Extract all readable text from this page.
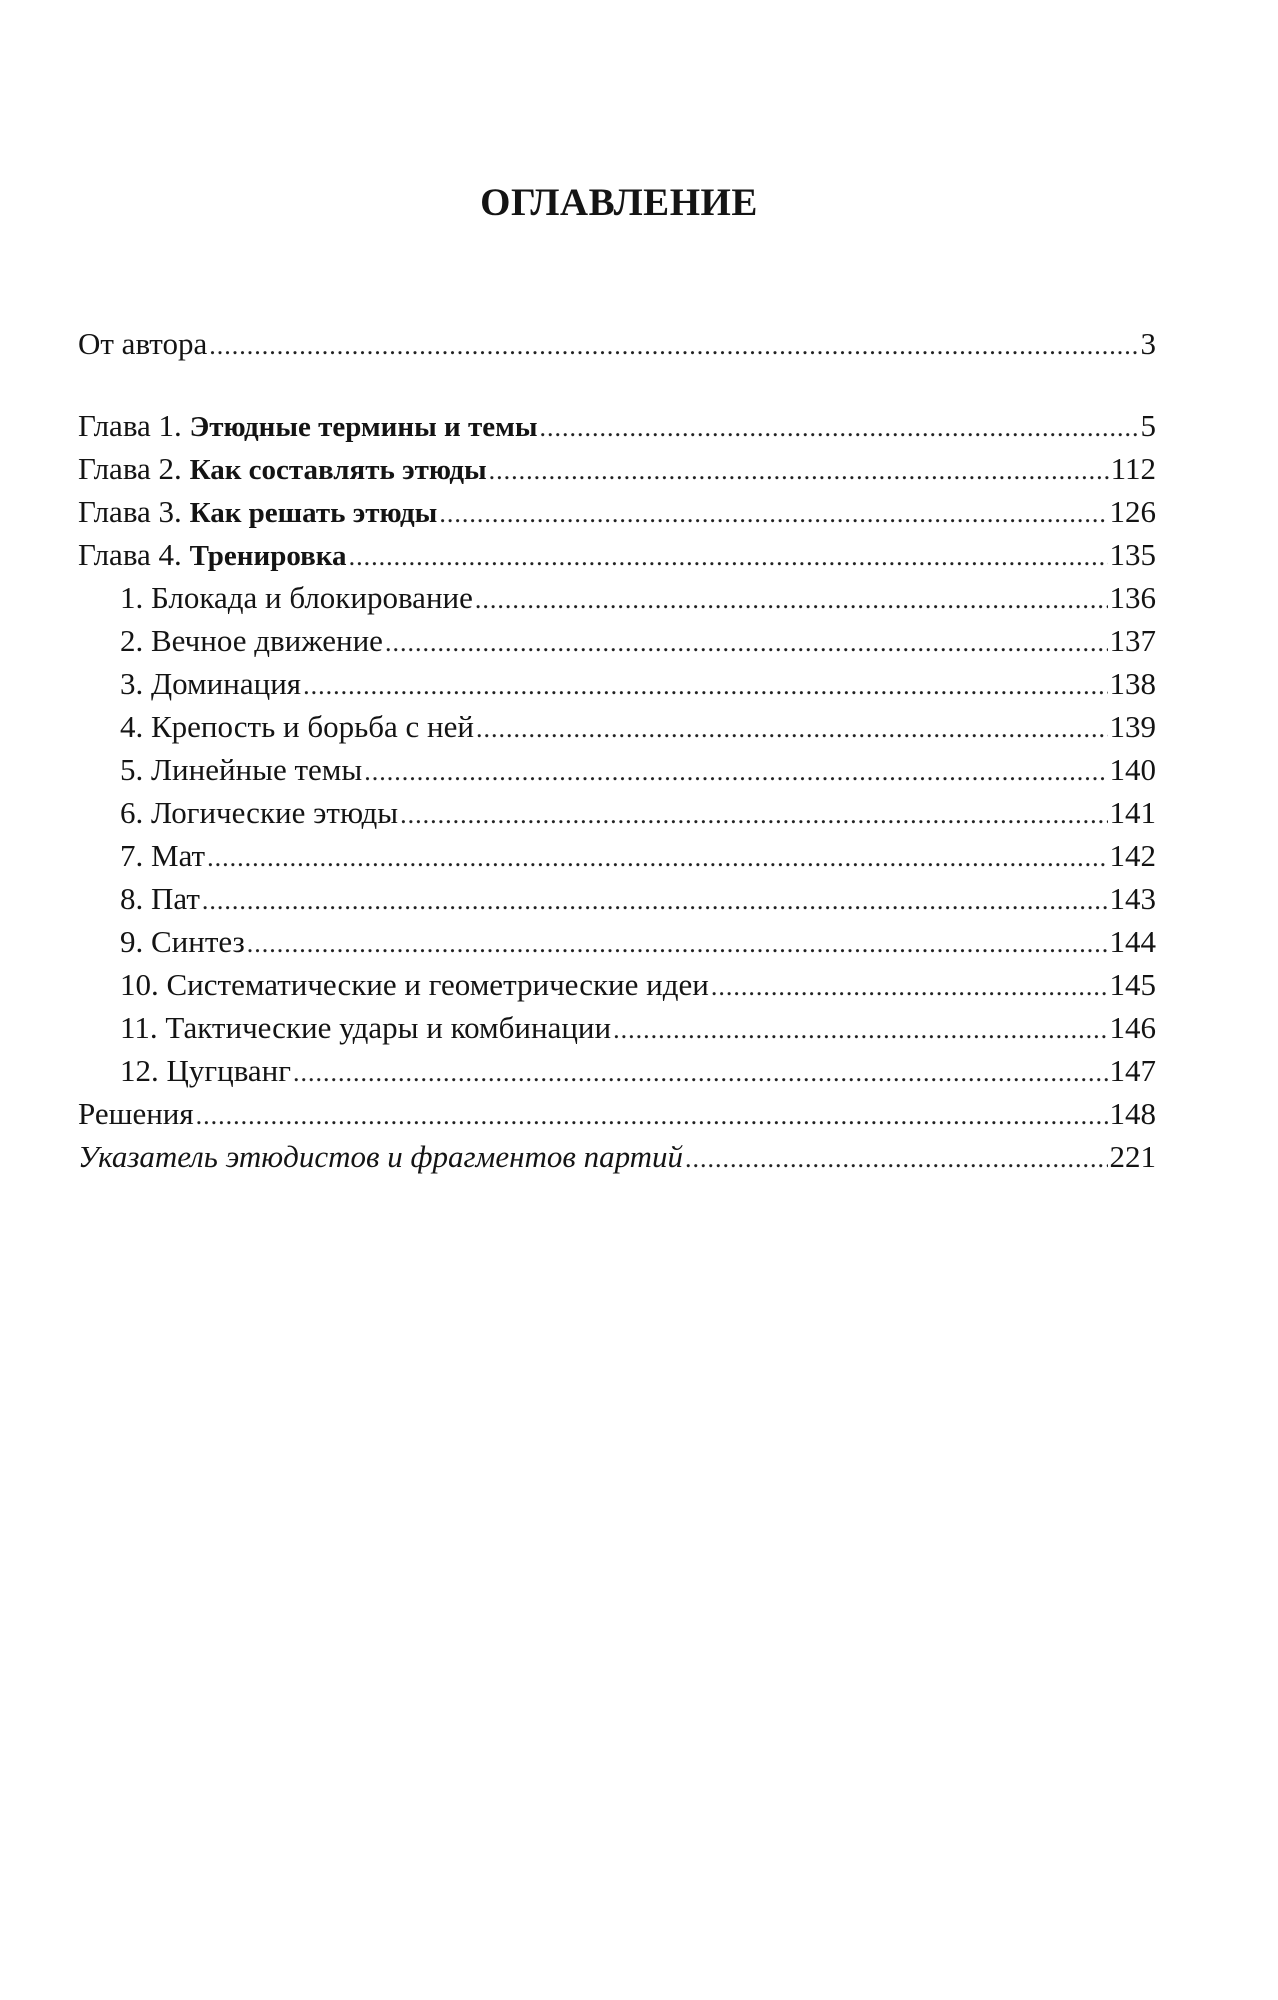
ОГЛАВЛЕНИЕ
От автора .....	3
Глава 1. Этюдные термины и темы .....	5
Глава 2. Как составлять этюды .....	112
Глава 3. Как решать этюды .....	126
Глава 4. Тренировка .....	135
1. Блокада и блокирование .....	136
2. Вечное движение .....	137
3. Доминация .....	138
4. Крепость и борьба с ней .....	139
5. Линейные темы .....	140
6. Логические этюды .....	141
7. Мат .....	142
8. Пат .....	143
9. Синтез .....	144
10. Систематические и геометрические идеи .....	145
11. Тактические удары и комбинации .....	146
12. Цугцванг .....	147
Решения .....	148
Указатель этюдистов и фрагментов партий .....	221
